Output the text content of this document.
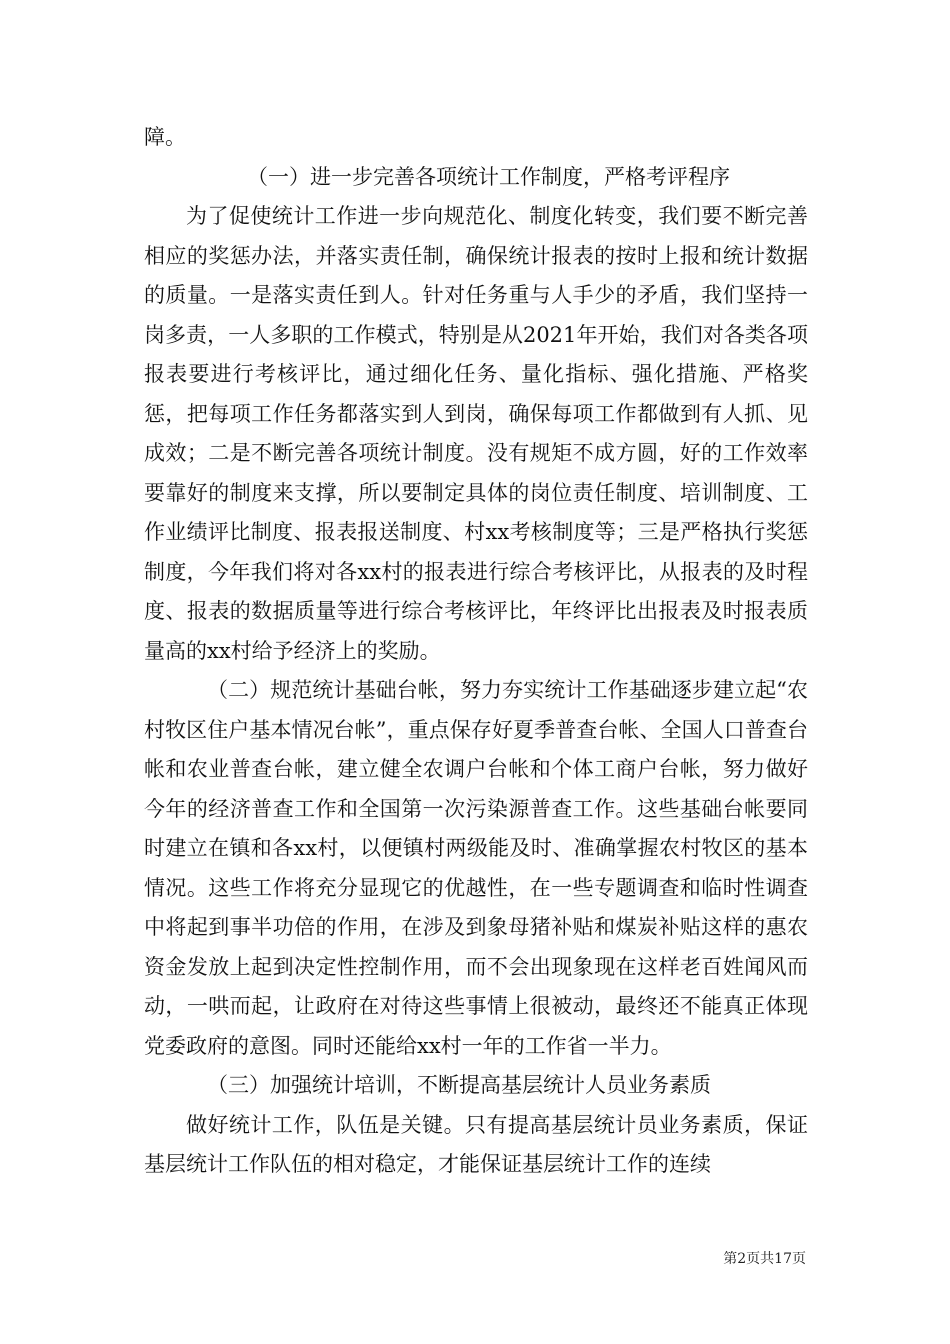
障。

（一）进一步完善各项统计工作制度，严格考评程序

为了促使统计工作进一步向规范化、制度化转变，我们要不断完善相应的奖惩办法，并落实责任制，确保统计报表的按时上报和统计数据的质量。一是落实责任到人。针对任务重与人手少的矛盾，我们坚持一岗多责，一人多职的工作模式，特别是从2021年开始，我们对各类各项报表要进行考核评比，通过细化任务、量化指标、强化措施、严格奖惩，把每项工作任务都落实到人到岗，确保每项工作都做到有人抓、见成效；二是不断完善各项统计制度。没有规矩不成方圆，好的工作效率要靠好的制度来支撑，所以要制定具体的岗位责任制度、培训制度、工作业绩评比制度、报表报送制度、村xx考核制度等；三是严格执行奖惩制度，今年我们将对各xx村的报表进行综合考核评比，从报表的及时程度、报表的数据质量等进行综合考核评比，年终评比出报表及时报表质量高的xx村给予经济上的奖励。

（二）规范统计基础台帐，努力夯实统计工作基础逐步建立起“农村牧区住户基本情况台帐”，重点保存好夏季普查台帐、全国人口普查台帐和农业普查台帐，建立健全农调户台帐和个体工商户台帐，努力做好今年的经济普查工作和全国第一次污染源普查工作。这些基础台帐要同时建立在镇和各xx村，以便镇村两级能及时、准确掌握农村牧区的基本情况。这些工作将充分显现它的优越性，在一些专题调查和临时性调查中将起到事半功倍的作用，在涉及到象母猪补贴和煤炭补贴这样的惠农资金发放上起到决定性控制作用，而不会出现象现在这样老百姓闻风而动，一哄而起，让政府在对待这些事情上很被动，最终还不能真正体现党委政府的意图。同时还能给xx村一年的工作省一半力。

（三）加强统计培训，不断提高基层统计人员业务素质

做好统计工作，队伍是关键。只有提高基层统计员业务素质，保证基层统计工作队伍的相对稳定，才能保证基层统计工作的连续

第2页共17页
